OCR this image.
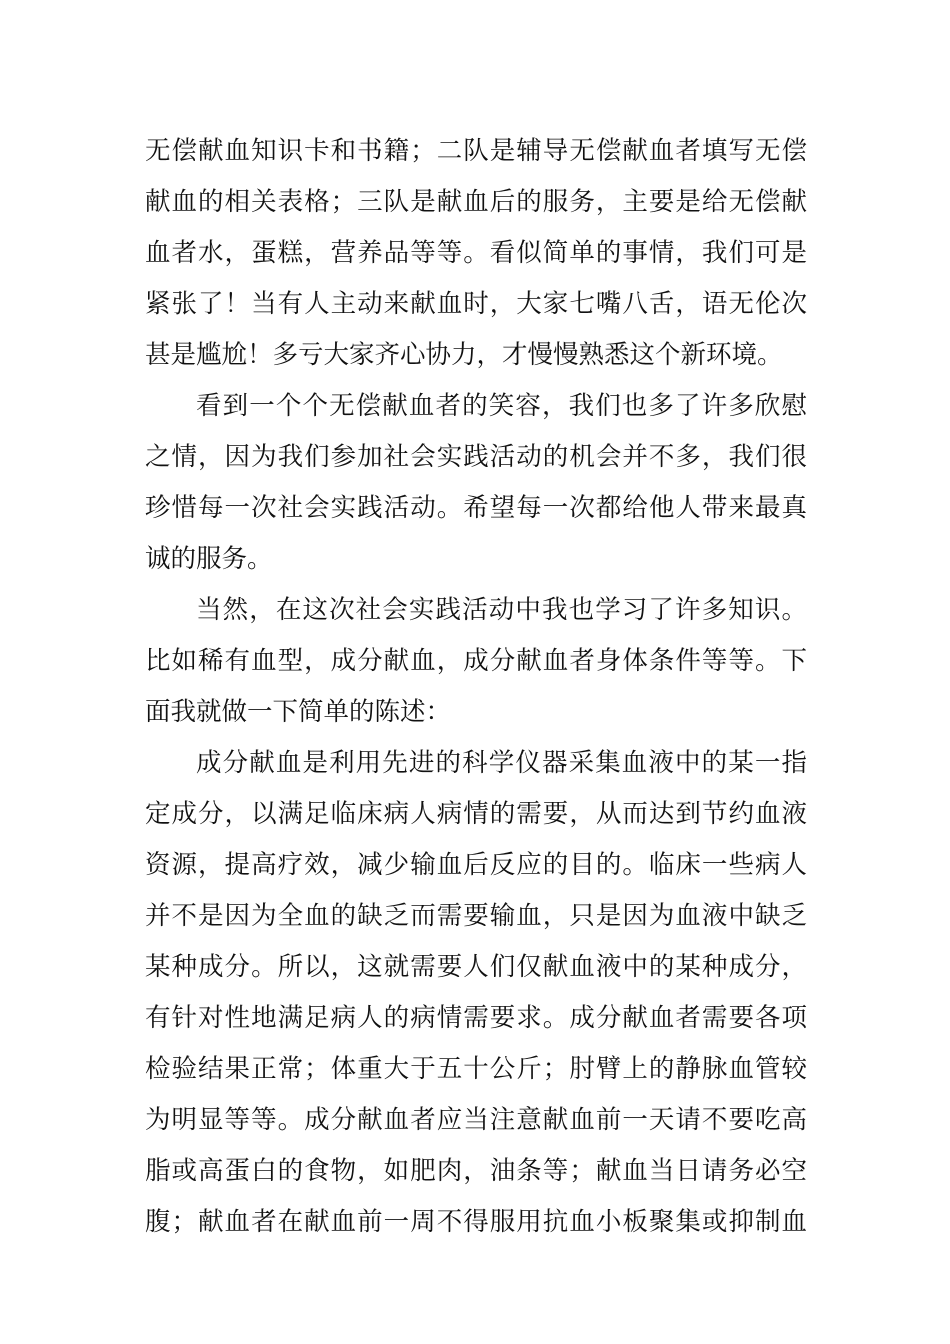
无偿献血知识卡和书籍；二队是辅导无偿献血者填写无偿
献血的相关表格；三队是献血后的服务，主要是给无偿献
血者水，蛋糕，营养品等等。看似简单的事情，我们可是
紧张了！当有人主动来献血时，大家七嘴八舌，语无伦次
甚是尴尬！多亏大家齐心协力，才慢慢熟悉这个新环境。
看到一个个无偿献血者的笑容，我们也多了许多欣慰
之情，因为我们参加社会实践活动的机会并不多，我们很
珍惜每一次社会实践活动。希望每一次都给他人带来最真
诚的服务。
当然，在这次社会实践活动中我也学习了许多知识。
比如稀有血型，成分献血，成分献血者身体条件等等。下
面我就做一下简单的陈述：
成分献血是利用先进的科学仪器采集血液中的某一指
定成分，以满足临床病人病情的需要，从而达到节约血液
资源，提高疗效，减少输血后反应的目的。临床一些病人
并不是因为全血的缺乏而需要输血，只是因为血液中缺乏
某种成分。所以，这就需要人们仅献血液中的某种成分，
有针对性地满足病人的病情需要求。成分献血者需要各项
检验结果正常；体重大于五十公斤；肘臂上的静脉血管较
为明显等等。成分献血者应当注意献血前一天请不要吃高
脂或高蛋白的食物，如肥肉，油条等；献血当日请务必空
腹；献血者在献血前一周不得服用抗血小板聚集或抑制血
